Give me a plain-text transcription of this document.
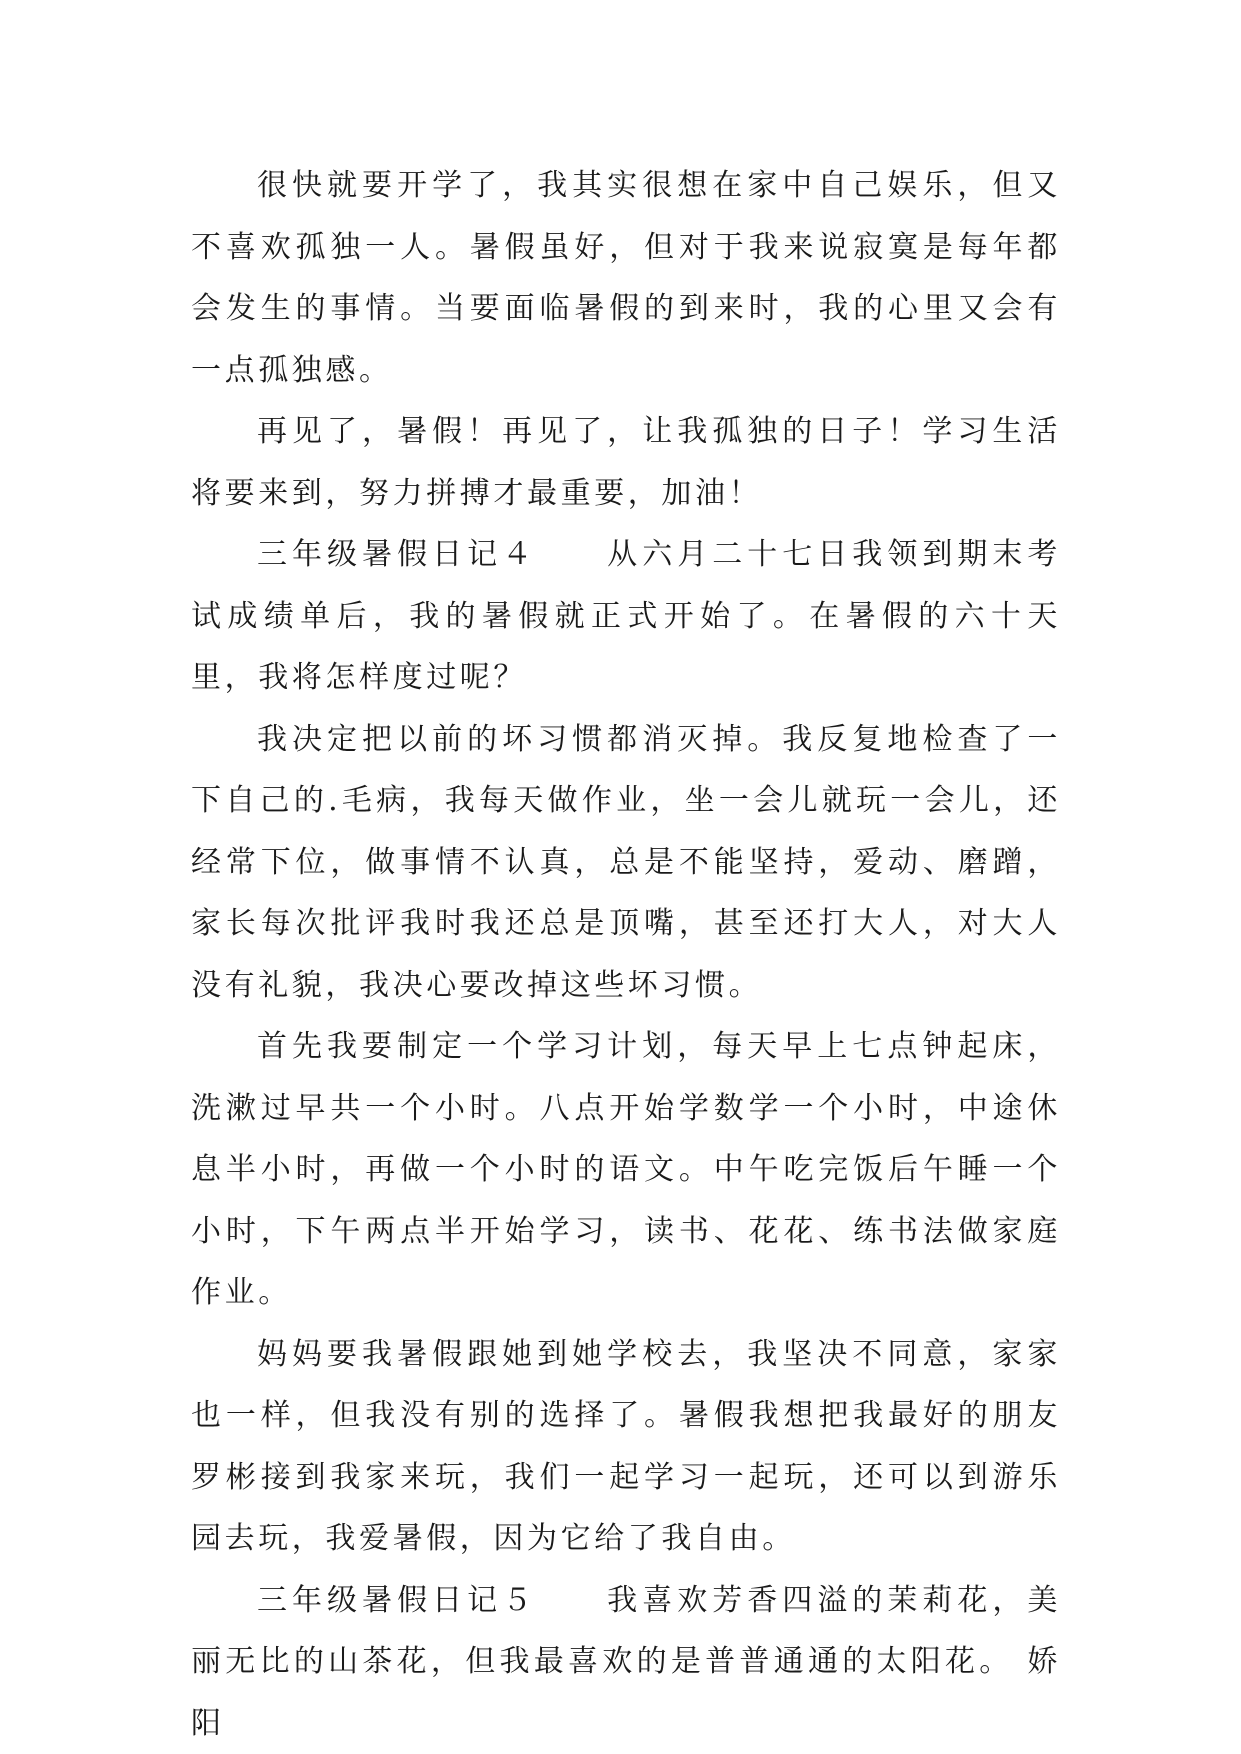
很快就要开学了，我其实很想在家中自己娱乐，但又不喜欢孤独一人。暑假虽好，但对于我来说寂寞是每年都会发生的事情。当要面临暑假的到来时，我的心里又会有一点孤独感。

再见了，暑假！再见了，让我孤独的日子！学习生活将要来到，努力拼搏才最重要，加油！

三年级暑假日记４　　从六月二十七日我领到期末考试成绩单后，我的暑假就正式开始了。在暑假的六十天里，我将怎样度过呢？

我决定把以前的坏习惯都消灭掉。我反复地检查了一下自己的.毛病，我每天做作业，坐一会儿就玩一会儿，还经常下位，做事情不认真，总是不能坚持，爱动、磨蹭，家长每次批评我时我还总是顶嘴，甚至还打大人，对大人没有礼貌，我决心要改掉这些坏习惯。

首先我要制定一个学习计划，每天早上七点钟起床，洗漱过早共一个小时。八点开始学数学一个小时，中途休息半小时，再做一个小时的语文。中午吃完饭后午睡一个小时，下午两点半开始学习，读书、花花、练书法做家庭作业。

妈妈要我暑假跟她到她学校去，我坚决不同意，家家也一样，但我没有别的选择了。暑假我想把我最好的朋友罗彬接到我家来玩，我们一起学习一起玩，还可以到游乐园去玩，我爱暑假，因为它给了我自由。

三年级暑假日记５　　我喜欢芳香四溢的茉莉花，美丽无比的山茶花，但我最喜欢的是普普通通的太阳花。 娇阳
